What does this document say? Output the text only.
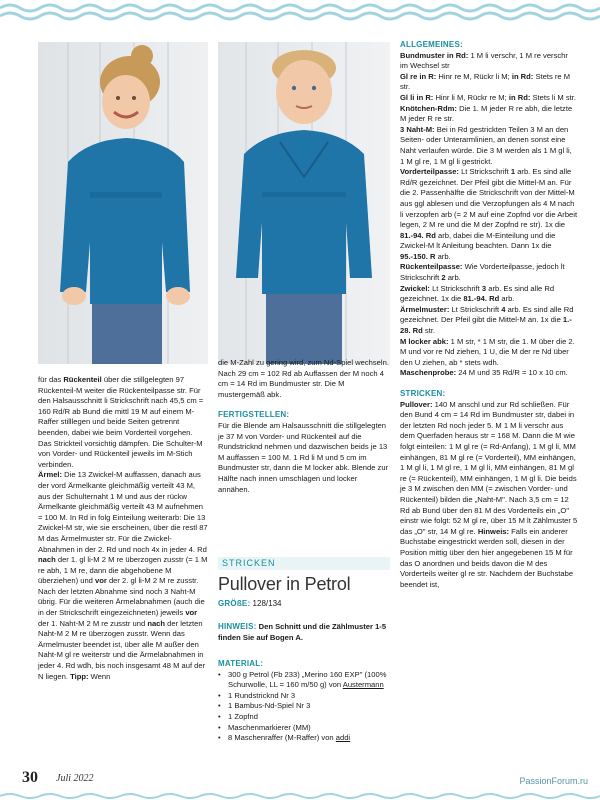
für das Rückenteil über die stillgelegten 97 Rückenteil-M weiter die Rückenteilpasse str. Für den Halsausschnitt li Strickschrift nach 45,5 cm = 160 Rd/R ab Bund die mittl 19 M auf einem M-Raffer stilllegen und beide Seiten getrennt beenden, dabei wie beim Vorderteil vorgehen.

Das Strickteil vorsichtig dämpfen. Die Schulter-M von Vorder- und Rückenteil jeweils im M-Stich verbinden.

Ärmel: Die 13 Zwickel-M auffassen, danach aus der vord Ärmelkante gleichmäßig verteilt 43 M, aus der Schulternaht 1 M und aus der rückw Ärmelkante gleichmäßig verteilt 43 M aufnehmen = 100 M. In Rd in folg Einteilung weiterarb: Die 13 Zwickel-M str, wie sie erscheinen, über die restl 87 M das Ärmelmuster str. Für die Zwickel-Abnahmen in der 2. Rd und noch 4x in jeder 4. Rd nach der 1. gl li-M 2 M re überzogen zusstr (= 1 M re abh, 1 M re, dann die abgehobene M überziehen) und vor der 2. gl li-M 2 M re zusstr. Nach der letzten Abnahme sind noch 3 Naht-M übrig. Für die weiteren Ärmelabnahmen (auch die in der Strickschrift eingezeichneten) jeweils vor der 1. Naht-M 2 M re zusstr und nach der letzten Naht-M 2 M re überzogen zusstr. Wenn das Ärmelmuster beendet ist, über alle M außer den Naht-M gl re weiterstr und die Ärmelabnahmen in jeder 4. Rd wdh, bis noch insgesamt 48 M auf der N liegen. Tipp: Wenn

die M-Zahl zu gering wird, zum Nd-Spiel wechseln. Nach 29 cm = 102 Rd ab Auffassen der M noch 4 cm = 14 Rd im Bundmuster str. Die M mustergemäß abk.

FERTIGSTELLEN:

Für die Blende am Halsausschnitt die stillgelegten je 37 M von Vorder- und Rückenteil auf die Rundstricknd nehmen und dazwischen beids je 13 M auffassen = 100 M. 1 Rd li M und 5 cm im Bundmuster str, dann die M locker abk. Blende zur Hälfte nach innen umschlagen und locker annähen.

STRICKEN
Pullover in Petrol
GRÖßE: 128/134
HINWEIS: Den Schnitt und die Zählmuster 1-5 finden Sie auf Bogen A.
MATERIAL:
• 300 g Petrol (Fb 233) „Merino 160 EXP" (100% Schurwolle, LL = 160 m/50 g) von Austermann
• 1 Rundstricknd Nr 3
• 1 Bambus-Nd-Spiel Nr 3
• 1 Zopfnd
• Maschenmarkierer (MM)
• 8 Maschenraffer (M-Raffer) von addi

ALLGEMEINES:

Bundmuster in Rd: 1 M li verschr, 1 M re verschr im Wechsel str

Gl re in R: Hinr re M, Rückr li M; in Rd: Stets re M str.

Gl li in R: Hinr li M, Rückr re M; in Rd: Stets li M str.

Knötchen-Rdm: Die 1. M jeder R re abh, die letzte M jeder R re str.

3 Naht-M: Bei in Rd gestrickten Teilen 3 M an den Seiten- oder Unterarmlinien, an denen sonst eine Naht verlaufen würde. Die 3 M werden als 1 M gl li, 1 M gl re, 1 M gl li gestrickt.

Vorderteilpasse: Lt Strickschrift 1 arb. Es sind alle Rd/R gezeichnet. Der Pfeil gibt die Mittel-M an. Für die 2. Passenhälfte die Strickschrift von der Mittel-M aus ggl ablesen und die Verzopfungen als 4 M nach li verzopfen arb (= 2 M auf eine Zopfnd vor die Arbeit legen, 2 M re und die M der Zopfnd re str). 1x die 81.-94. Rd arb, dabei die M-Einteilung und die Zwickel-M lt Anleitung beachten. Dann 1x die 95.-150. R arb.

Rückenteilpasse: Wie Vorderteilpasse, jedoch lt Strickschrift 2 arb.

Zwickel: Lt Strickschrift 3 arb. Es sind alle Rd gezeichnet. 1x die 81.-94. Rd arb.

Ärmelmuster: Lt Strickschrift 4 arb. Es sind alle Rd gezeichnet. Der Pfeil gibt die Mittel-M an. 1x die 1.- 28. Rd str.

M locker abk: 1 M str, * 1 M str, die 1. M über die 2. M und vor re Nd ziehen, 1 U, die M der re Nd über den U ziehen, ab * stets wdh.

Maschenprobe: 24 M und 35 Rd/R = 10 x 10 cm.

STRICKEN:

Pullover: 140 M anschl und zur Rd schließen. Für den Bund 4 cm = 14 Rd im Bundmuster str, dabei in der letzten Rd noch jeder 5. M 1 M li verschr aus dem Querfaden heraus str = 168 M. Dann die M wie folgt einteilen: 1 M gl re (= Rd-Anfang), 1 M gl li, MM einhängen, 81 M gl re (= Vorderteil), MM einhängen, 1 M gl li, 1 M gl re, 1 M gl li, MM einhängen, 81 M gl re (= Rückenteil), MM einhängen, 1 M gl li. Die beids je 3 M zwischen den MM (= zwischen Vorder- und Rückenteil) bilden die „Naht-M". Nach 3,5 cm = 12 Rd ab Bund über den 81 M des Vorderteils ein „O" einstr wie folgt: 52 M gl re, über 15 M lt Zählmuster 5 das „O" str, 14 M gl re. Hinweis: Falls ein anderer Buchstabe eingestrickt werden soll, diesen in der Position mittig über den hier angegebenen 15 M für das O anordnen und beids davon die M des Vorderteils weiter gl re str. Nachdem der Buchstabe beendet ist,

30 Juli 2022	PassionForum.ru
